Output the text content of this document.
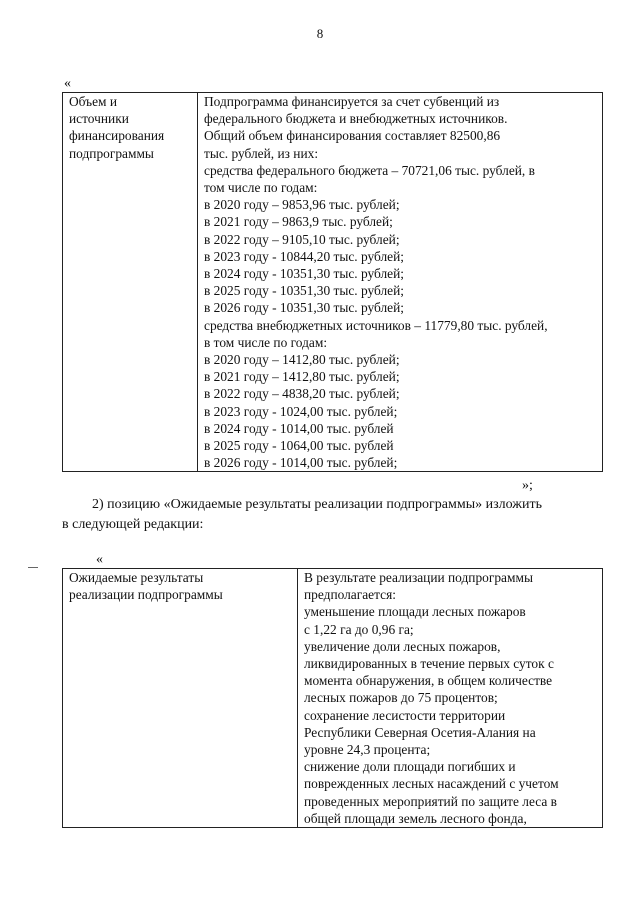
8
«
Объем и
источники
финансирования
подпрограммы

Подпрограмма финансируется за счет субвенций из
федерального бюджета и внебюджетных источников.
Общий объем финансирования составляет 82500,86
тыс. рублей, из них:
средства федерального бюджета – 70721,06 тыс. рублей, в
том числе по годам:
в 2020 году – 9853,96 тыс. рублей;
в 2021 году – 9863,9 тыс. рублей;
в 2022 году – 9105,10 тыс. рублей;
в 2023 году - 10844,20 тыс. рублей;
в 2024 году - 10351,30 тыс. рублей;
в 2025 году - 10351,30 тыс. рублей;
в 2026 году - 10351,30 тыс. рублей;
средства внебюджетных источников – 11779,80 тыс. рублей,
в том числе по годам:
в 2020 году – 1412,80 тыс. рублей;
в 2021 году – 1412,80 тыс. рублей;
в 2022 году – 4838,20 тыс. рублей;
в 2023 году - 1024,00 тыс. рублей;
в 2024 году - 1014,00 тыс. рублей
в 2025 году - 1064,00 тыс. рублей
в 2026 году - 1014,00 тыс. рублей;
»;
2) позицию «Ожидаемые результаты реализации подпрограммы» изложить
в следующей редакции:
«
Ожидаемые результаты
реализации подпрограммы

В результате реализации подпрограммы
предполагается:
уменьшение площади лесных пожаров
с 1,22 га до 0,96 га;
увеличение доли лесных пожаров,
ликвидированных в течение первых суток с
момента обнаружения, в общем количестве
лесных пожаров до 75 процентов;
сохранение лесистости территории
Республики Северная Осетия-Алания на
уровне 24,3 процента;
снижение доли площади погибших и
поврежденных лесных насаждений с учетом
проведенных мероприятий по защите леса в
общей площади земель лесного фонда,
